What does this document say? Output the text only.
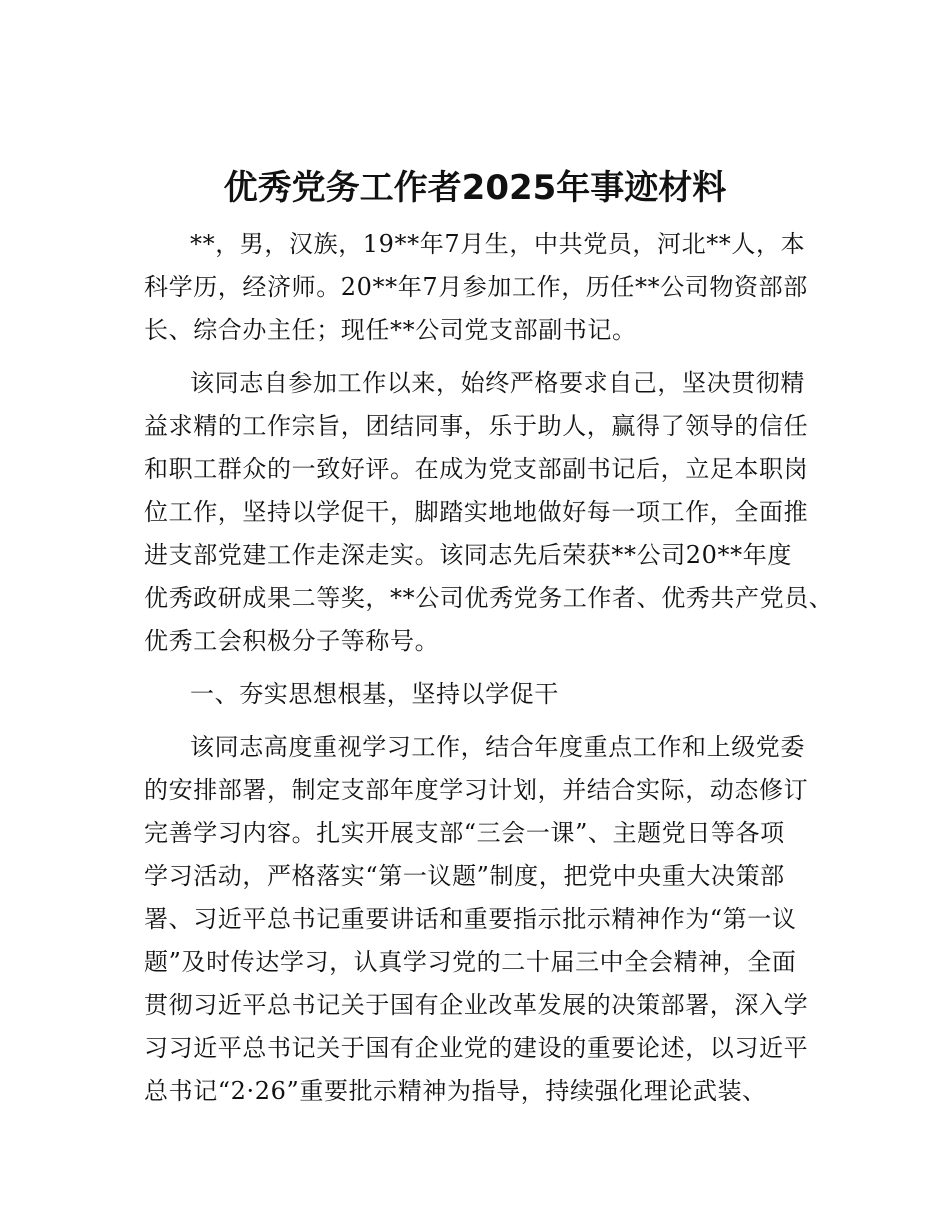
优秀党务工作者2025年事迹材料
**，男，汉族，19**年7月生，中共党员，河北**人，本
科学历，经济师。20**年7月参加工作，历任**公司物资部部
长、综合办主任；现任**公司党支部副书记。
该同志自参加工作以来，始终严格要求自己，坚决贯彻精
益求精的工作宗旨，团结同事，乐于助人，赢得了领导的信任
和职工群众的一致好评。在成为党支部副书记后，立足本职岗
位工作，坚持以学促干，脚踏实地地做好每一项工作，全面推
进支部党建工作走深走实。该同志先后荣获**公司20**年度
优秀政研成果二等奖，**公司优秀党务工作者、优秀共产党员、
优秀工会积极分子等称号。
一、夯实思想根基，坚持以学促干
该同志高度重视学习工作，结合年度重点工作和上级党委
的安排部署，制定支部年度学习计划，并结合实际，动态修订
完善学习内容。扎实开展支部“三会一课”、主题党日等各项
学习活动，严格落实“第一议题”制度，把党中央重大决策部
署、习近平总书记重要讲话和重要指示批示精神作为“第一议
题”及时传达学习，认真学习党的二十届三中全会精神，全面
贯彻习近平总书记关于国有企业改革发展的决策部署，深入学
习习近平总书记关于国有企业党的建设的重要论述，以习近平
总书记“2·26”重要批示精神为指导，持续强化理论武装、
